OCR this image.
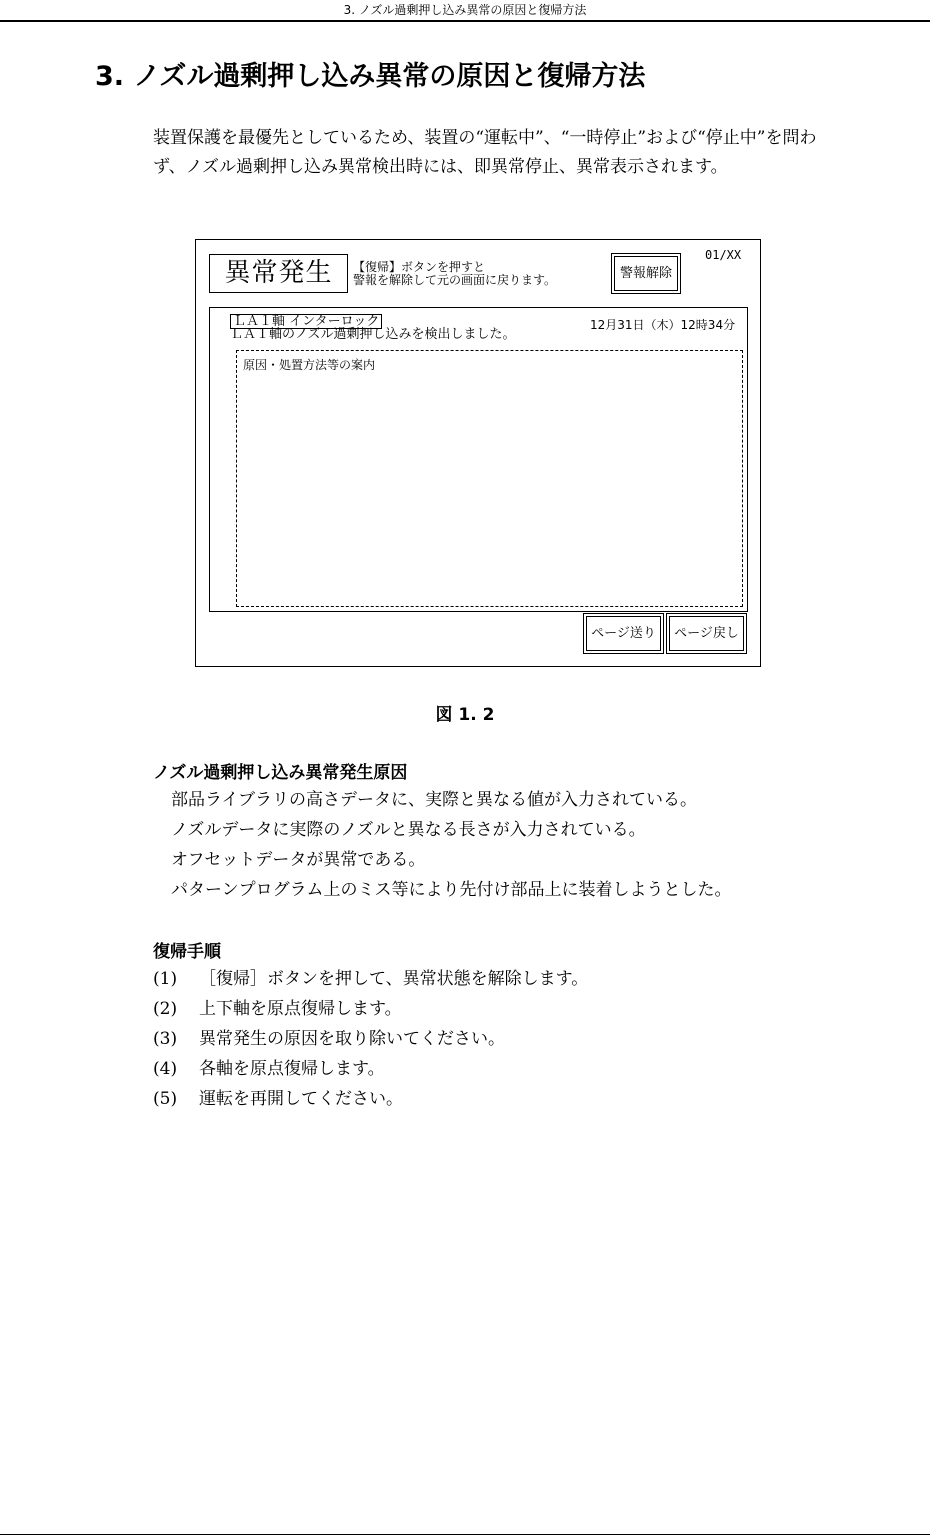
3. ノズル過剰押し込み異常の原因と復帰方法
3. ノズル過剰押し込み異常の原因と復帰方法
装置保護を最優先としているため、装置の“運転中”、“一時停止”および“停止中”を問わず、ノズル過剰押し込み異常検出時には、即異常停止、異常表示されます。
異常発生	【復帰】ボタンを押すと
警報を解除して元の画面に戻ります。	警報解除
01/XX
ＬＡ１軸 インターロック
ＬＡ１軸のノズル過剰押し込みを検出しました。
12月31日（木）12時34分
原因・処置方法等の案内
ページ送り	ページ戻し
図 1. 2
ノズル過剰押し込み異常発生原因
部品ライブラリの高さデータに、実際と異なる値が入力されている。
ノズルデータに実際のノズルと異なる長さが入力されている。
オフセットデータが異常である。
パターンプログラム上のミス等により先付け部品上に装着しようとした。
復帰手順
(1) ［復帰］ボタンを押して、異常状態を解除します。
(2) 上下軸を原点復帰します。
(3) 異常発生の原因を取り除いてください。
(4) 各軸を原点復帰します。
(5) 運転を再開してください。
